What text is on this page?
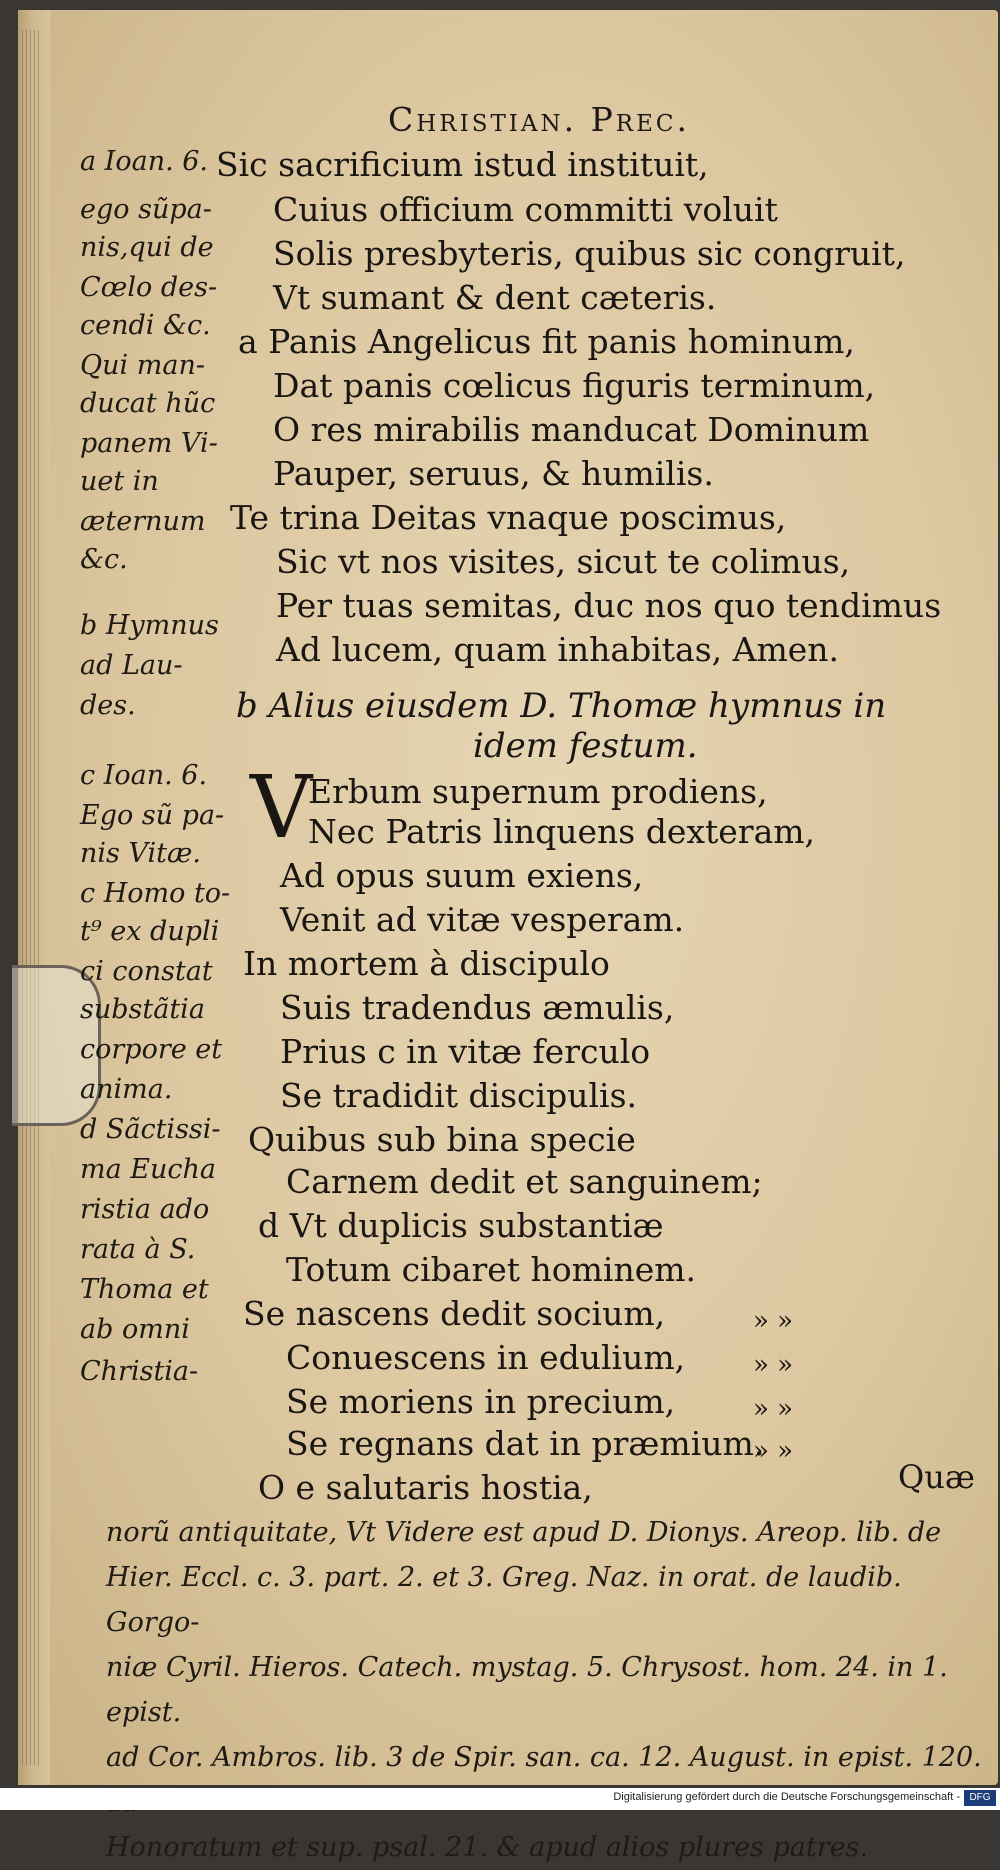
Christian. Prec.
a Ioan. 6.
ego sũpa-
nis,qui de
Cœlo des-
cendi &c.
Qui man-
ducat hũc
panem Vi-
uet in
æternum
&c.
b Hymnus
ad Lau-
des.
c Ioan. 6.
Ego sũ pa-
nis Vitæ.
c Homo to-
t⁹ ex dupli
ci constat
substãtia
corpore et
anima.
d Sãctissi-
ma Eucha
ristia ado
rata à S.
Thoma et
ab omni
Christia-
Sic sacrificium istud instituit,
Cuius officium committi voluit
Solis presbyteris, quibus sic congruit,
Vt sumant & dent cæteris.
a Panis Angelicus fit panis hominum,
Dat panis cœlicus figuris terminum,
O res mirabilis manducat Dominum
Pauper, seruus, & humilis.
Te trina Deitas vnaque poscimus,
Sic vt nos visites, sicut te colimus,
Per tuas semitas, duc nos quo tendimus
Ad lucem, quam inhabitas, Amen.
b Alius eiusdem D. Thomæ hymnus in
idem festum.
V
Erbum supernum prodiens,
Nec Patris linquens dexteram,
Ad opus suum exiens,
Venit ad vitæ vesperam.
In mortem à discipulo
Suis tradendus æmulis,
Prius c in vitæ ferculo
Se tradidit discipulis.
Quibus sub bina specie
Carnem dedit et sanguinem;
d Vt duplicis substantiæ
Totum cibaret hominem.
Se nascens dedit socium,
Conuescens in edulium,
Se moriens in precium,
Se regnans dat in præmium.
O e salutaris hostia,
» »
» »
» »
» »
Quæ
norũ antiquitate, Vt Videre est apud D. Dionys. Areop. lib. de
Hier. Eccl. c. 3. part. 2. et 3. Greg. Naz. in orat. de laudib. Gorgo-
niæ Cyril. Hieros. Catech. mystag. 5. Chrysost. hom. 24. in 1. epist.
ad Cor. Ambros. lib. 3 de Spir. san. ca. 12. August. in epist. 120.
Honoratum et sup. psal. 21. & apud alios plures patres.
Digitalisierung gefördert durch die Deutsche Forschungsgemeinschaft - DFG
